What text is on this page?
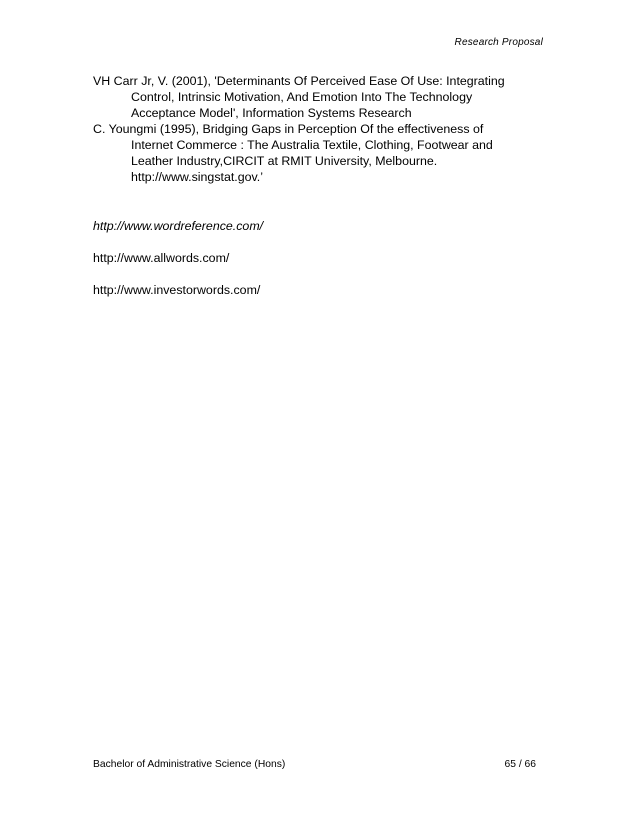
Research Proposal
VH Carr Jr, V. (2001), 'Determinants Of Perceived Ease Of Use: Integrating
Control, Intrinsic Motivation, And Emotion Into The Technology
Acceptance Model', Information Systems Research
C. Youngmi (1995), Bridging Gaps in Perception Of the effectiveness of
Internet Commerce : The Australia Textile, Clothing, Footwear and
Leather Industry,CIRCIT at RMIT University, Melbourne.
http://www.singstat.gov.’
http://www.wordreference.com/
http://www.allwords.com/
http://www.investorwords.com/
Bachelor of Administrative Science (Hons)	65 / 66
